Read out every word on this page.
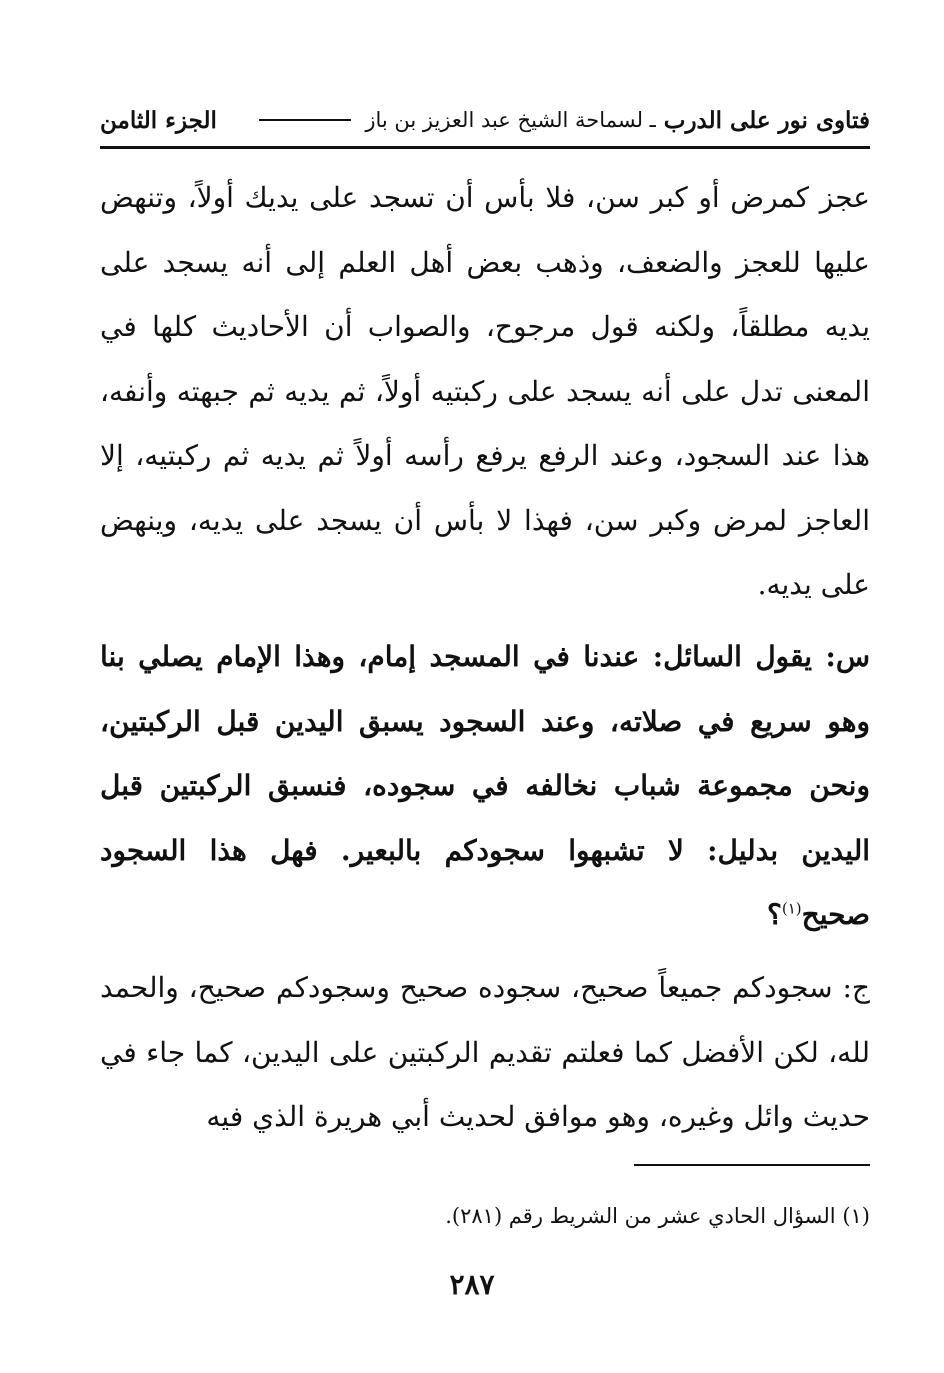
فتاوى نور على الدرب
ـ لسماحة الشيخ عبد العزيز بن باز
الجزء الثامن

عجز كمرض أو كبر سن، فلا بأس أن تسجد على يديك أولاً، وتنهض عليها للعجز والضعف، وذهب بعض أهل العلم إلى أنه يسجد على يديه مطلقاً، ولكنه قول مرجوح، والصواب أن الأحاديث كلها في المعنى تدل على أنه يسجد على ركبتيه أولاً، ثم يديه ثم جبهته وأنفه، هذا عند السجود، وعند الرفع يرفع رأسه أولاً ثم يديه ثم ركبتيه، إلا العاجز لمرض وكبر سن، فهذا لا بأس أن يسجد على يديه، وينهض على يديه.

س: يقول السائل: عندنا في المسجد إمام، وهذا الإمام يصلي بنا وهو سريع في صلاته، وعند السجود يسبق اليدين قبل الركبتين، ونحن مجموعة شباب نخالفه في سجوده، فنسبق الركبتين قبل اليدين بدليل: لا تشبهوا سجودكم بالبعير. فهل هذا السجود صحيح$^{(١)}$؟

ج: سجودكم جميعاً صحيح، سجوده صحيح وسجودكم صحيح، والحمد لله، لكن الأفضل كما فعلتم تقديم الركبتين على اليدين، كما جاء في حديث وائل وغيره، وهو موافق لحديث أبي هريرة الذي فيه

(١) السؤال الحادي عشر من الشريط رقم (٢٨١).

٢٨٧
